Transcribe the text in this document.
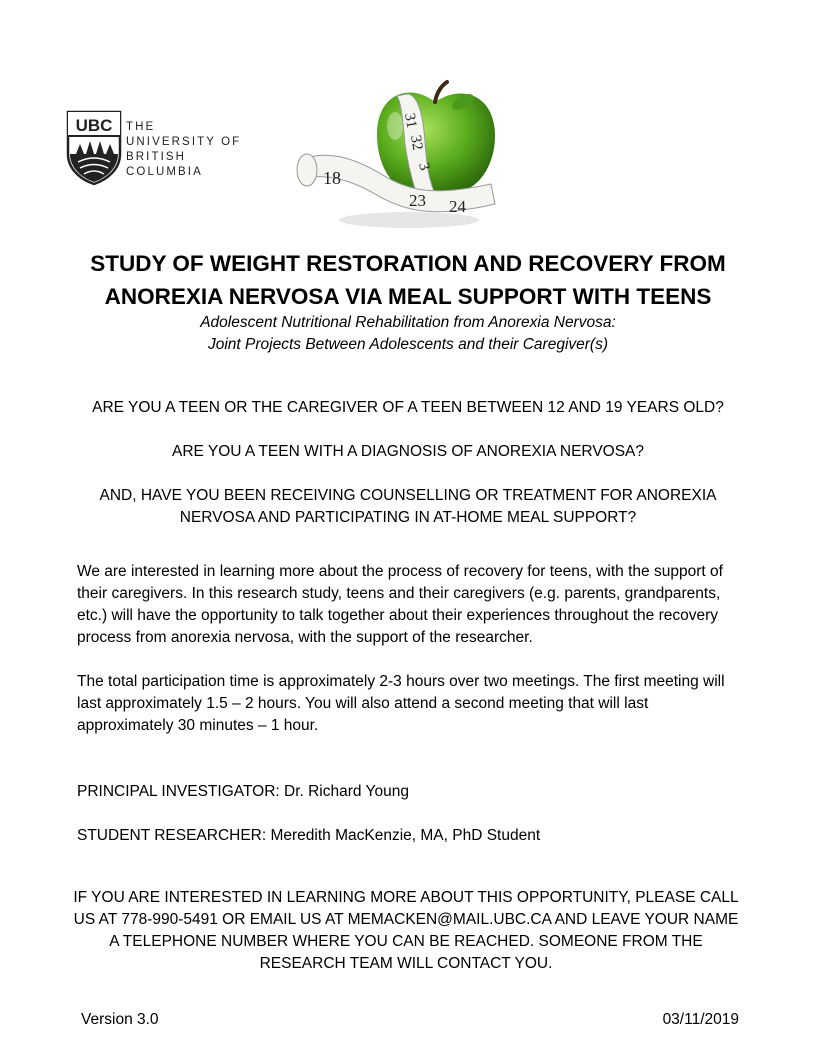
UBC THE
UNIVERSITY OF
BRITISH
COLUMBIA
31
32
3
18
23 24
STUDY OF WEIGHT RESTORATION AND RECOVERY FROM
ANOREXIA NERVOSA VIA MEAL SUPPORT WITH TEENS
Adolescent Nutritional Rehabilitation from Anorexia Nervosa:
Joint Projects Between Adolescents and their Caregiver(s)
ARE YOU A TEEN OR THE CAREGIVER OF A TEEN BETWEEN 12 AND 19 YEARS OLD?
ARE YOU A TEEN WITH A DIAGNOSIS OF ANOREXIA NERVOSA?
AND, HAVE YOU BEEN RECEIVING COUNSELLING OR TREATMENT FOR ANOREXIA NERVOSA AND PARTICIPATING IN AT-HOME MEAL SUPPORT?
We are interested in learning more about the process of recovery for teens, with the support of their caregivers. In this research study, teens and their caregivers (e.g. parents, grandparents, etc.) will have the opportunity to talk together about their experiences throughout the recovery process from anorexia nervosa, with the support of the researcher.
The total participation time is approximately 2-3 hours over two meetings. The first meeting will last approximately 1.5 – 2 hours. You will also attend a second meeting that will last approximately 30 minutes – 1 hour.
PRINCIPAL INVESTIGATOR: Dr. Richard Young
STUDENT RESEARCHER: Meredith MacKenzie, MA, PhD Student
IF YOU ARE INTERESTED IN LEARNING MORE ABOUT THIS OPPORTUNITY, PLEASE CALL US AT 778-990-5491 OR EMAIL US AT MEMACKEN@MAIL.UBC.CA AND LEAVE YOUR NAME A TELEPHONE NUMBER WHERE YOU CAN BE REACHED. SOMEONE FROM THE RESEARCH TEAM WILL CONTACT YOU.
Version 3.0	03/11/2019
